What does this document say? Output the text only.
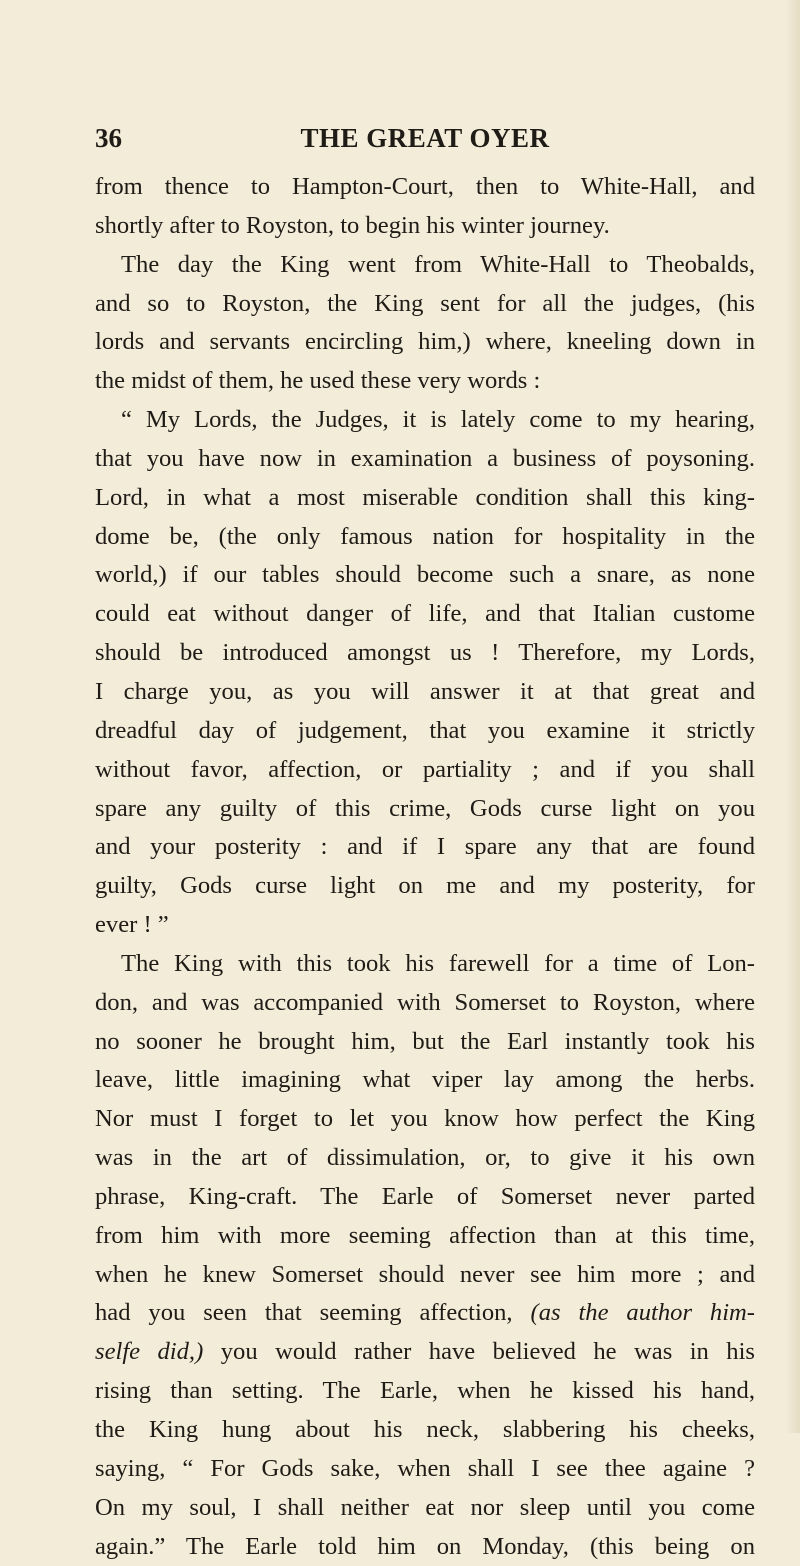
36	THE GREAT OYER
from thence to Hampton-Court, then to White-Hall, and
shortly after to Royston, to begin his winter journey.
The day the King went from White-Hall to Theobalds,
and so to Royston, the King sent for all the judges, (his
lords and servants encircling him,) where, kneeling down in
the midst of them, he used these very words :
“ My Lords, the Judges, it is lately come to my hearing,
that you have now in examination a business of poysoning.
Lord, in what a most miserable condition shall this king-
dome be, (the only famous nation for hospitality in the
world,) if our tables should become such a snare, as none
could eat without danger of life, and that Italian custome
should be introduced amongst us ! Therefore, my Lords,
I charge you, as you will answer it at that great and
dreadful day of judgement, that you examine it strictly
without favor, affection, or partiality ; and if you shall
spare any guilty of this crime, Gods curse light on you
and your posterity : and if I spare any that are found
guilty, Gods curse light on me and my posterity, for
ever ! ”
The King with this took his farewell for a time of Lon-
don, and was accompanied with Somerset to Royston, where
no sooner he brought him, but the Earl instantly took his
leave, little imagining what viper lay among the herbs.
Nor must I forget to let you know how perfect the King
was in the art of dissimulation, or, to give it his own
phrase, King-craft. The Earle of Somerset never parted
from him with more seeming affection than at this time,
when he knew Somerset should never see him more ; and
had you seen that seeming affection, (as the author him-
selfe did,) you would rather have believed he was in his
rising than setting. The Earle, when he kissed his hand,
the King hung about his neck, slabbering his cheeks,
saying, “ For Gods sake, when shall I see thee againe ?
On my soul, I shall neither eat nor sleep until you come
again.” The Earle told him on Monday, (this being on
